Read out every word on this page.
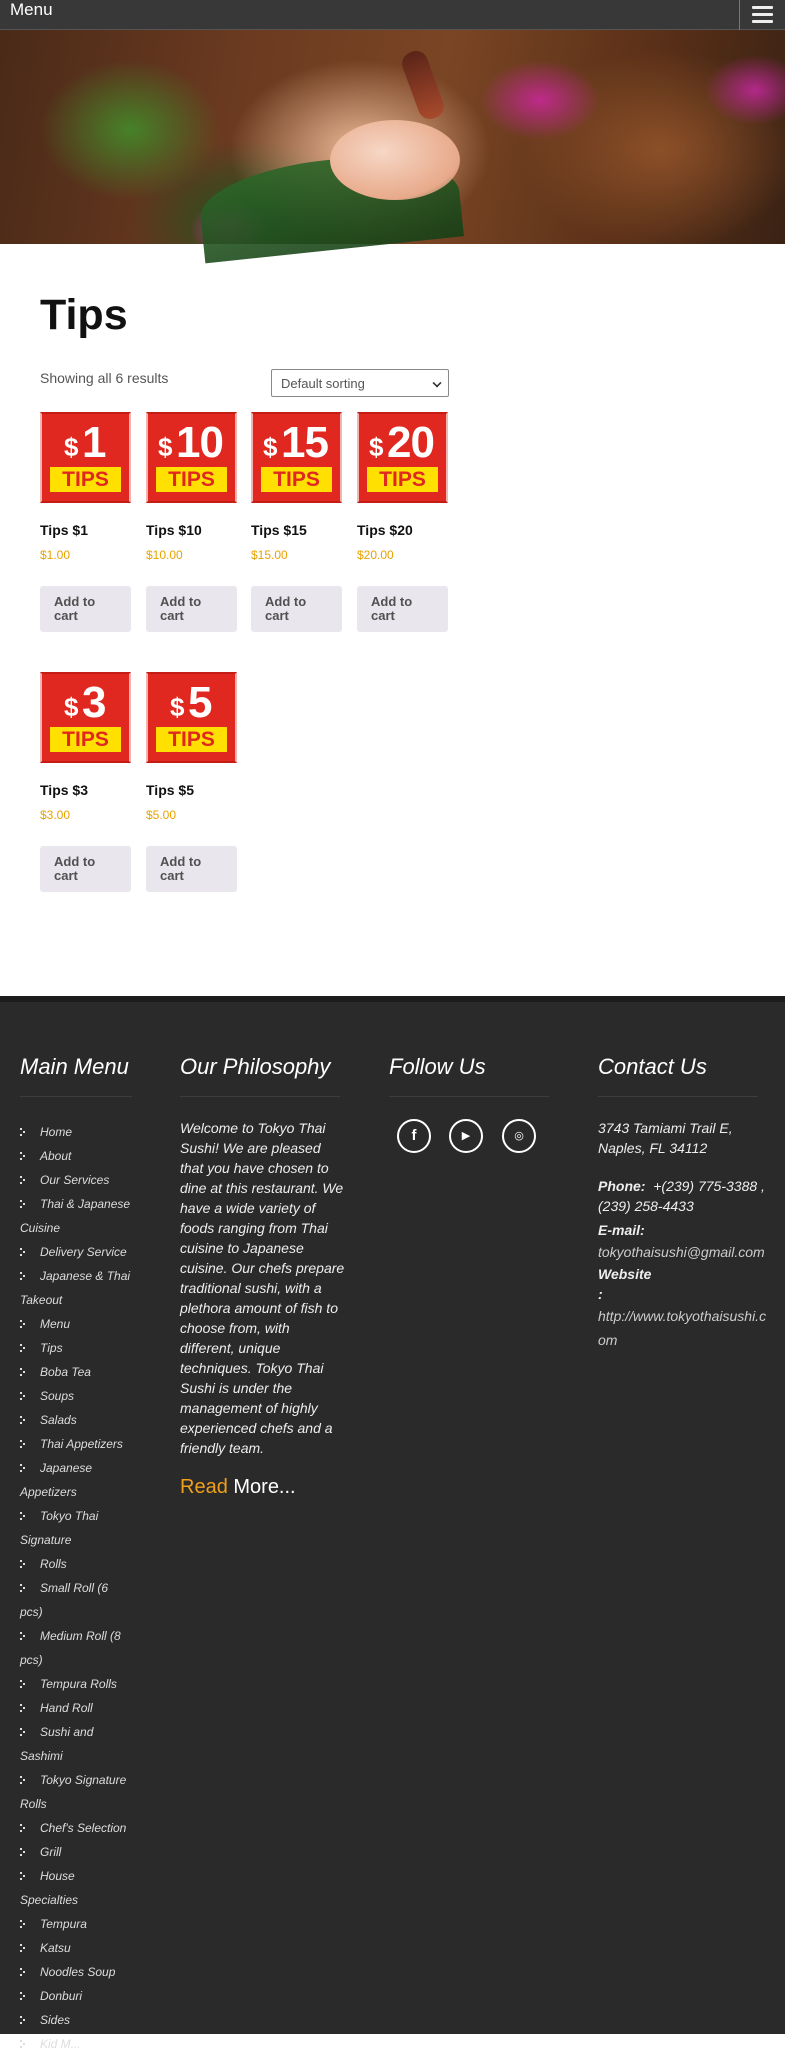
Menu
Tips
Showing all 6 results	Default sorting
$ 1
TIPS
Tips $1
$1.00
Add to cart
$ 10
TIPS
Tips $10
$10.00
Add to cart
$ 15
TIPS
Tips $15
$15.00
Add to cart
$ 20
TIPS
Tips $20
$20.00
Add to cart
$ 3
TIPS
Tips $3
$3.00
Add to cart
$ 5
TIPS
Tips $5
$5.00
Add to cart
Main Menu Our Philosophy	Follow Us	Contact Us
Home
About
Our Services
Thai & Japanese
Cuisine
Delivery Service
Japanese & Thai
Takeout
Menu
Tips
Boba Tea
Soups
Salads
Thai Appetizers
Japanese
Appetizers
Tokyo Thai
Signature
Rolls
Small Roll (6
pcs)
Medium Roll (8
pcs)
Tempura Rolls
Hand Roll
Sushi and
Sashimi
Tokyo Signature
Rolls
Chef's Selection
Grill
House
Specialties
Tempura
Katsu
Noodles Soup
Donburi
Sides
Kid M...
Welcome to Tokyo Thai Sushi! We are pleased that you have chosen to dine at this restaurant. We have a wide variety of foods ranging from Thai cuisine to Japanese cuisine. Our chefs prepare traditional sushi, with a plethora amount of fish to choose from, with different, unique techniques. Tokyo Thai Sushi is under the management of highly experienced chefs and a friendly team.
Read More...
f	▶	◎	3743 Tamiami Trail E, Naples, FL 34112
Phone: +(239) 775-3388 , (239) 258-4433
E-mail:
tokyothaisushi@gmail.com
Website
:
http://www.tokyothaisushi.com
